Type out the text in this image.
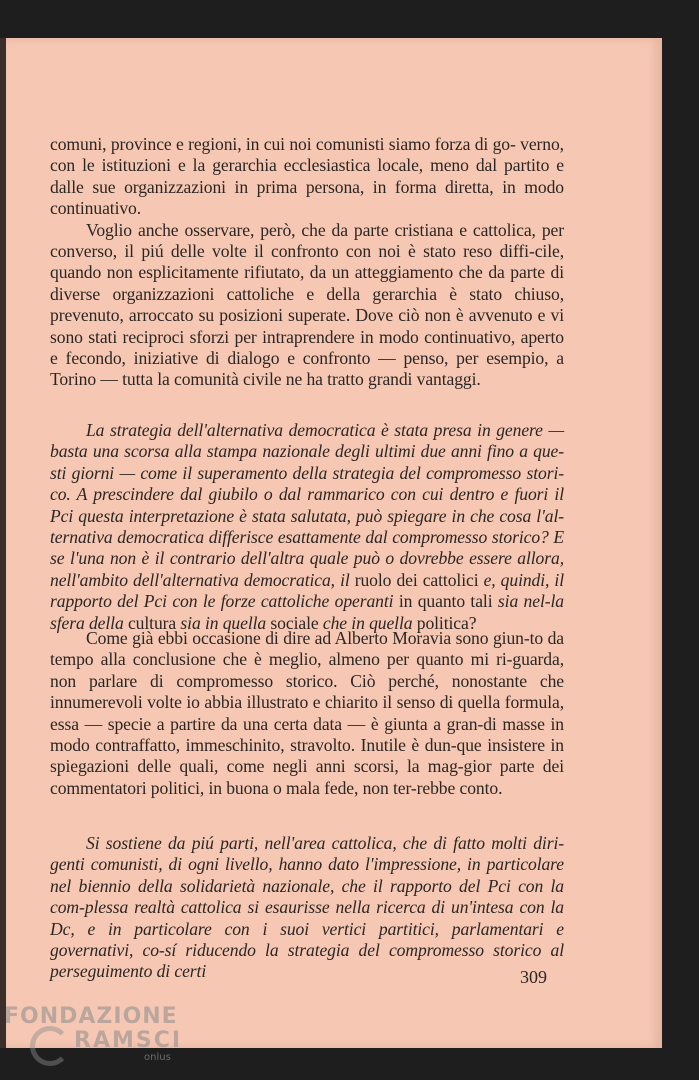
comuni, province e regioni, in cui noi comunisti siamo forza di go- verno, con le istituzioni e la gerarchia ecclesiastica locale, meno dal partito e dalle sue organizzazioni in prima persona, in forma diretta, in modo continuativo.

Voglio anche osservare, però, che da parte cristiana e cattolica, per converso, il piú delle volte il confronto con noi è stato reso diffi-cile, quando non esplicitamente rifiutato, da un atteggiamento che da parte di diverse organizzazioni cattoliche e della gerarchia è stato chiuso, prevenuto, arroccato su posizioni superate. Dove ciò non è avvenuto e vi sono stati reciproci sforzi per intraprendere in modo continuativo, aperto e fecondo, iniziative di dialogo e confronto — penso, per esempio, a Torino — tutta la comunità civile ne ha tratto grandi vantaggi.

La strategia dell'alternativa democratica è stata presa in genere — basta una scorsa alla stampa nazionale degli ultimi due anni fino a que-sti giorni — come il superamento della strategia del compromesso stori-co. A prescindere dal giubilo o dal rammarico con cui dentro e fuori il Pci questa interpretazione è stata salutata, può spiegare in che cosa l'al-ternativa democratica differisce esattamente dal compromesso storico? E se l'una non è il contrario dell'altra quale può o dovrebbe essere allora, nell'ambito dell'alternativa democratica, il ruolo dei cattolici e, quindi, il rapporto del Pci con le forze cattoliche operanti in quanto tali sia nel-la sfera della cultura sia in quella sociale che in quella politica?

Come già ebbi occasione di dire ad Alberto Moravia sono giun-to da tempo alla conclusione che è meglio, almeno per quanto mi ri-guarda, non parlare di compromesso storico. Ciò perché, nonostante che innumerevoli volte io abbia illustrato e chiarito il senso di quella formula, essa — specie a partire da una certa data — è giunta a gran-di masse in modo contraffatto, immeschinito, stravolto. Inutile è dun-que insistere in spiegazioni delle quali, come negli anni scorsi, la mag-gior parte dei commentatori politici, in buona o mala fede, non ter-rebbe conto.

Si sostiene da piú parti, nell'area cattolica, che di fatto molti diri-genti comunisti, di ogni livello, hanno dato l'impressione, in particolare nel biennio della solidarietà nazionale, che il rapporto del Pci con la com-plessa realtà cattolica si esaurisse nella ricerca di un'intesa con la Dc, e in particolare con i suoi vertici partitici, parlamentari e governativi, co-sí riducendo la strategia del compromesso storico al perseguimento di certi	309
FONDAZIONE
RAMSCI
onlus
